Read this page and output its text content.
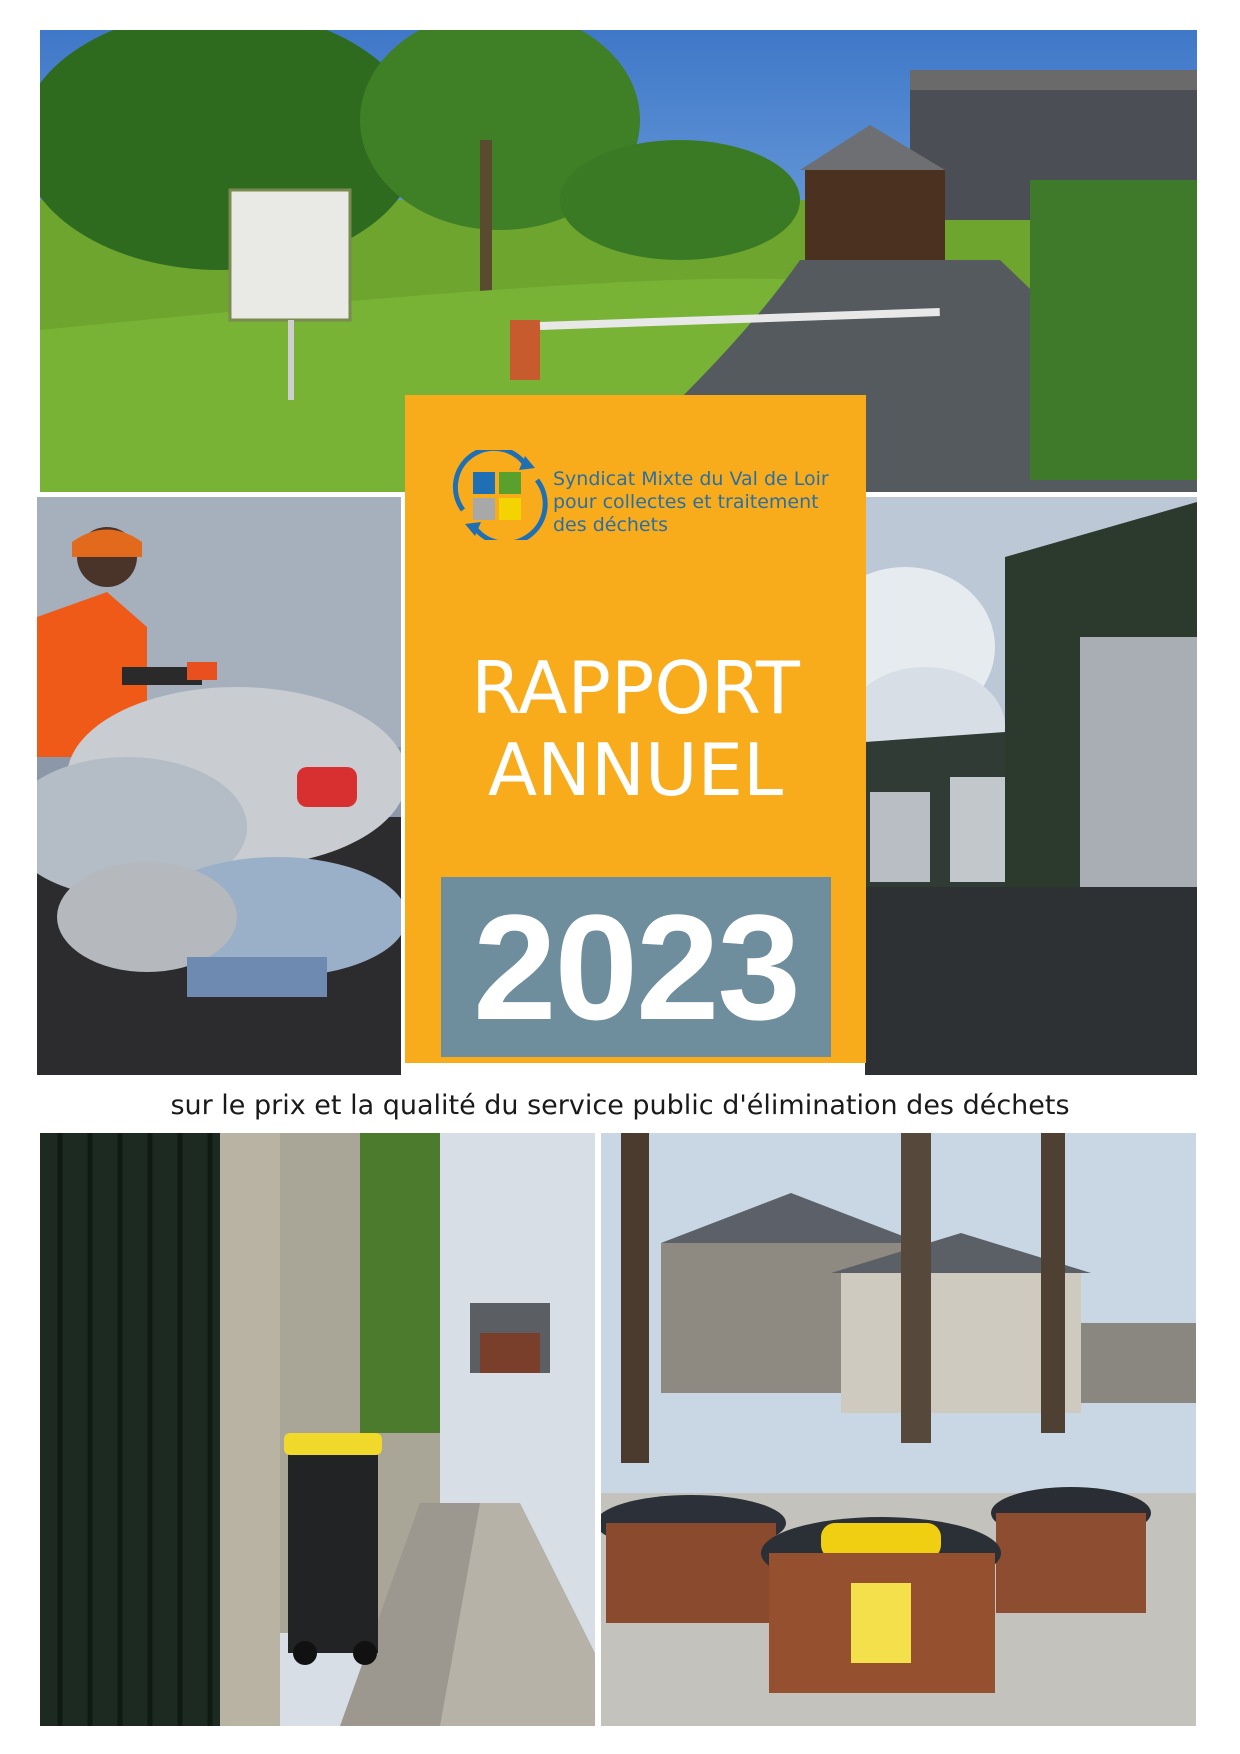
Syndicat Mixte du Val de Loir
pour collectes et traitement
des déchets
RAPPORT
ANNUEL
2023
sur le prix et la qualité du service public d'élimination des déchets
